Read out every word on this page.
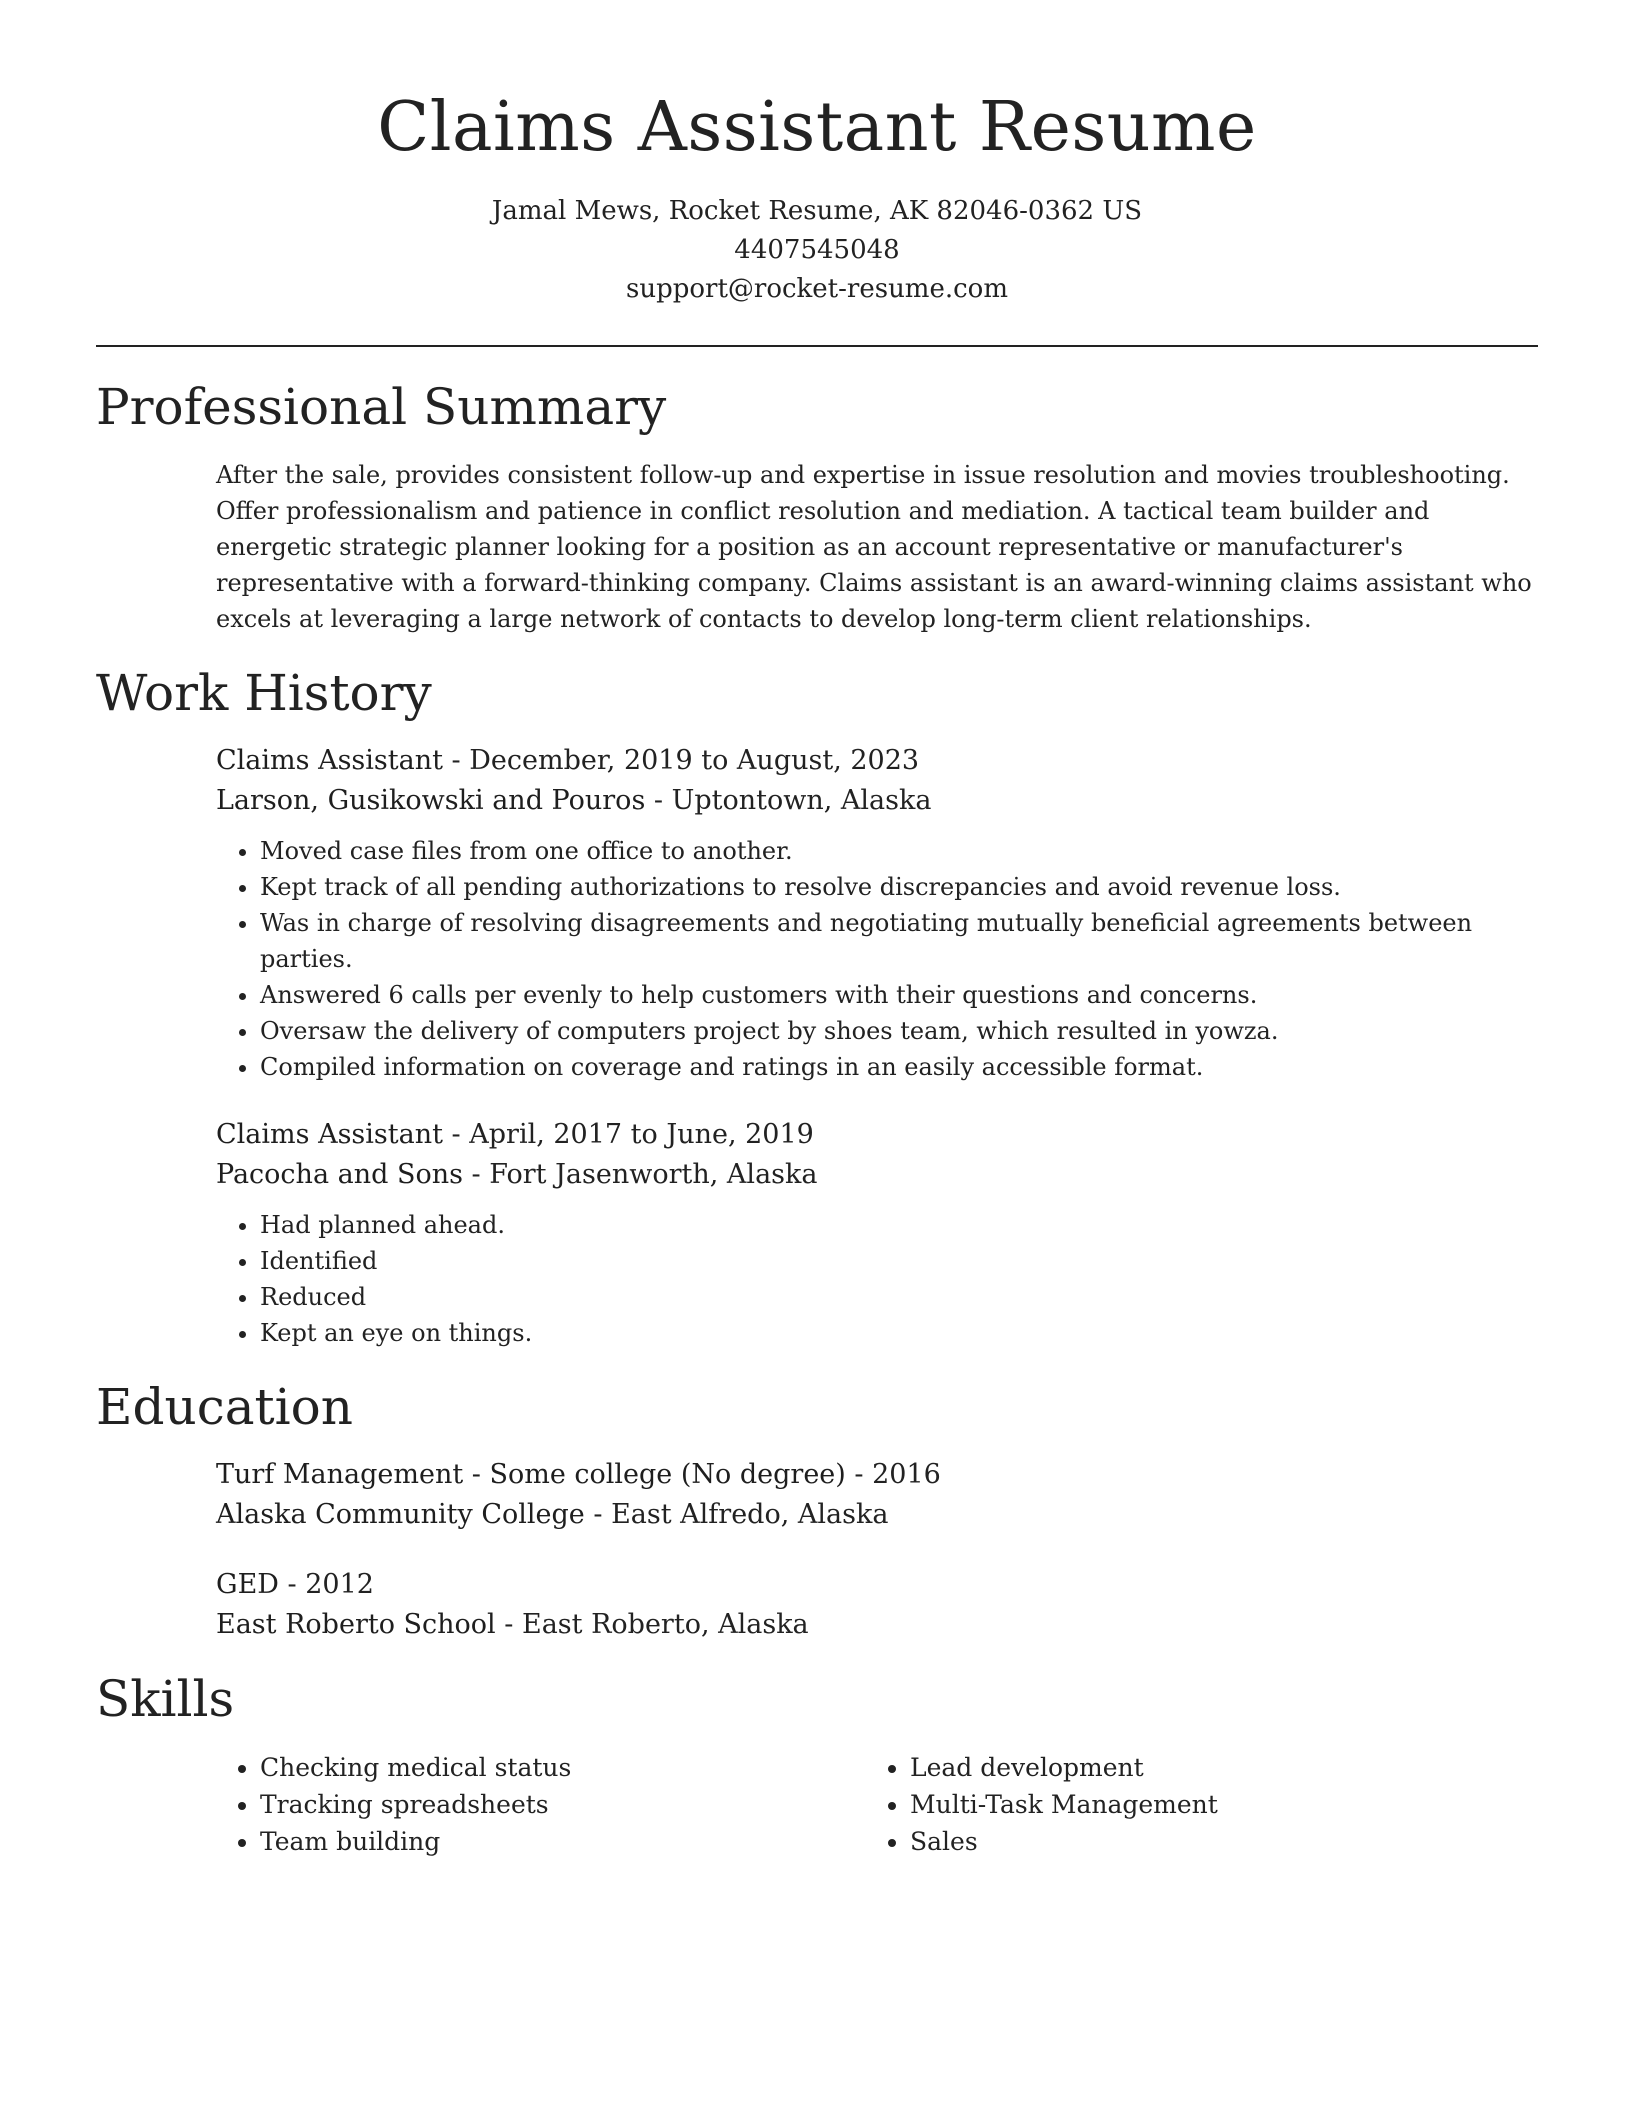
Claims Assistant Resume
Jamal Mews, Rocket Resume, AK 82046-0362 US
4407545048
support@rocket-resume.com
Professional Summary

After the sale, provides consistent follow-up and expertise in issue resolution and movies troubleshooting. Offer professionalism and patience in conflict resolution and mediation. A tactical team builder and energetic strategic planner looking for a position as an account representative or manufacturer's representative with a forward-thinking company. Claims assistant is an award-winning claims assistant who excels at leveraging a large network of contacts to develop long-term client relationships.

Work History
Claims Assistant - December, 2019 to August, 2023
Larson, Gusikowski and Pouros - Uptontown, Alaska
• Moved case files from one office to another.
• Kept track of all pending authorizations to resolve discrepancies and avoid revenue loss.
• Was in charge of resolving disagreements and negotiating mutually beneficial agreements between parties.
• Answered 6 calls per evenly to help customers with their questions and concerns.
• Oversaw the delivery of computers project by shoes team, which resulted in yowza.
• Compiled information on coverage and ratings in an easily accessible format.
Claims Assistant - April, 2017 to June, 2019
Pacocha and Sons - Fort Jasenworth, Alaska
• Had planned ahead.
• Identified
• Reduced
• Kept an eye on things.
Education
Turf Management - Some college (No degree) - 2016
Alaska Community College - East Alfredo, Alaska
GED - 2012
East Roberto School - East Roberto, Alaska
Skills
• Checking medical status
• Tracking spreadsheets
• Team building
• Lead development
• Multi-Task Management
• Sales
